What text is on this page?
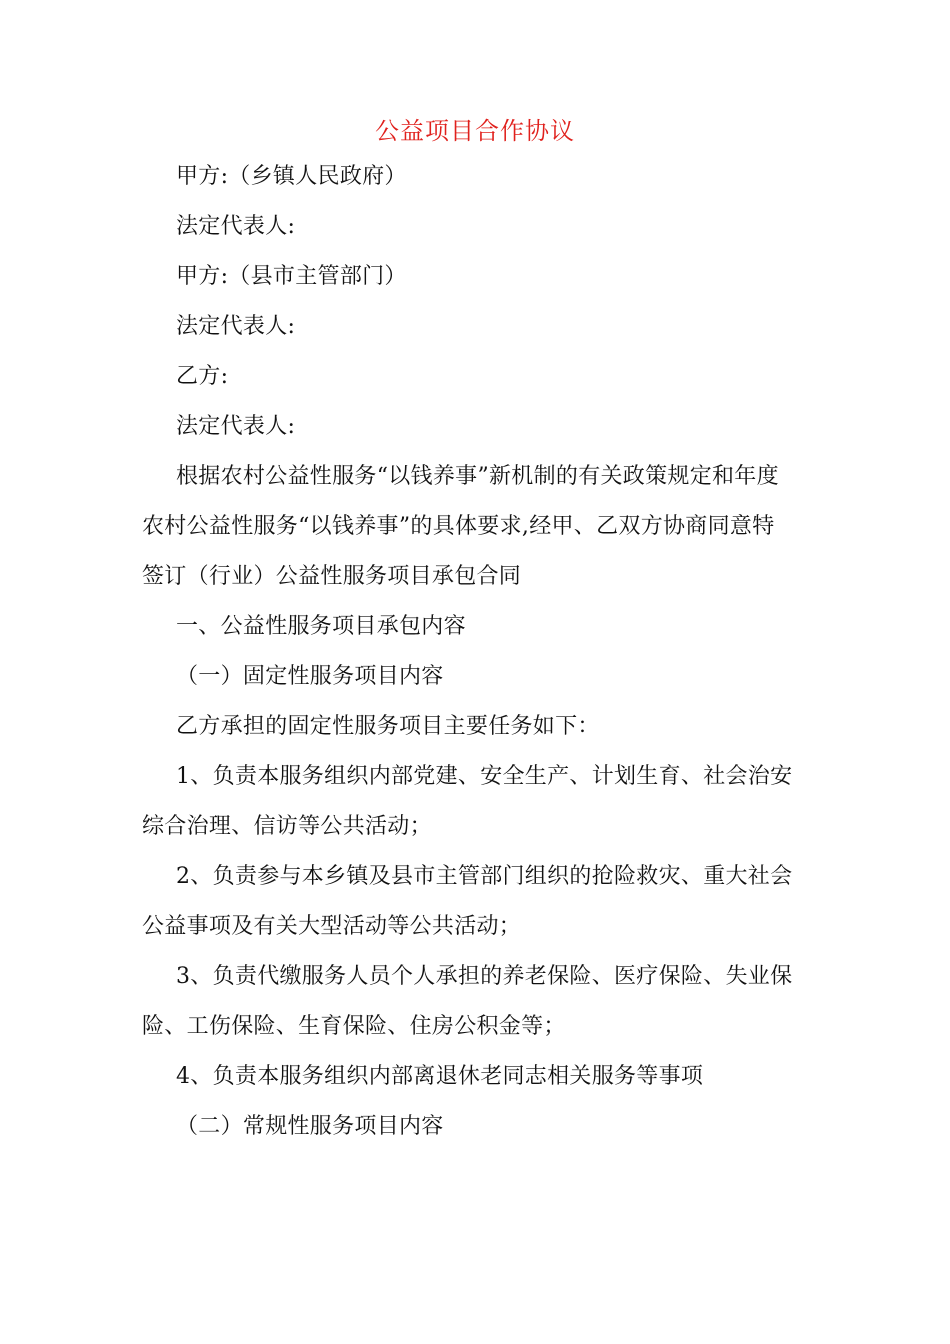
公益项目合作协议
甲方:（乡镇人民政府）
法定代表人:
甲方:（县市主管部门）
法定代表人:
乙方:
法定代表人:
根据农村公益性服务“以钱养事”新机制的有关政策规定和年度
农村公益性服务“以钱养事”的具体要求,经甲、乙双方协商同意特
签订（行业）公益性服务项目承包合同
一、公益性服务项目承包内容
（一）固定性服务项目内容
乙方承担的固定性服务项目主要任务如下：
1、负责本服务组织内部党建、安全生产、计划生育、社会治安
综合治理、信访等公共活动；
2、负责参与本乡镇及县市主管部门组织的抢险救灾、重大社会
公益事项及有关大型活动等公共活动；
3、负责代缴服务人员个人承担的养老保险、医疗保险、失业保
险、工伤保险、生育保险、住房公积金等；
4、负责本服务组织内部离退休老同志相关服务等事项
（二）常规性服务项目内容
